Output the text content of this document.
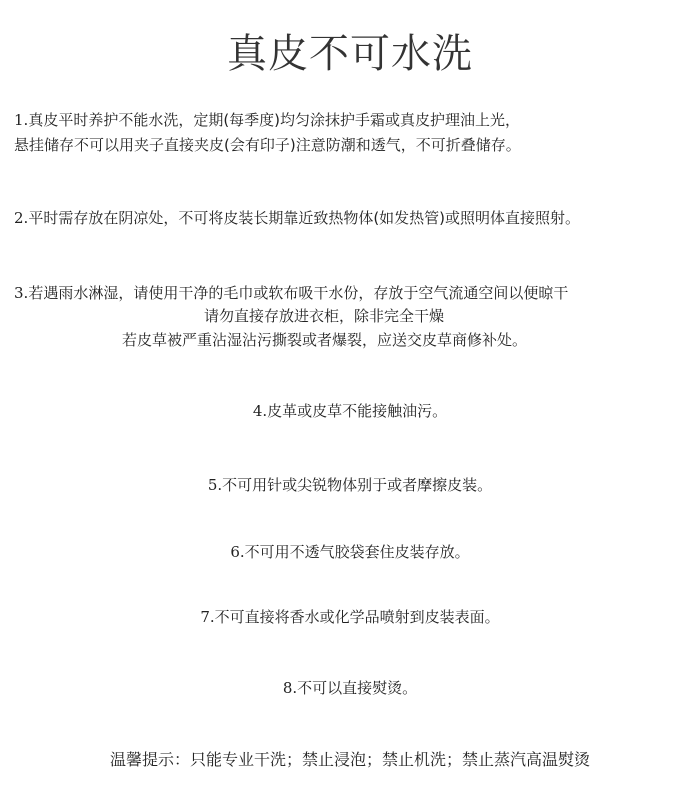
真皮不可水洗
1.真皮平时养护不能水洗，定期(每季度)均匀涂抹护手霜或真皮护理油上光，
悬挂储存不可以用夹子直接夹皮(会有印子)注意防潮和透气，不可折叠储存。
2.平时需存放在阴凉处，不可将皮装长期靠近致热物体(如发热管)或照明体直接照射。
3.若遇雨水淋湿，请使用干净的毛巾或软布吸干水份，存放于空气流通空间以便晾干
请勿直接存放进衣柜，除非完全干燥
若皮草被严重沾湿沾污撕裂或者爆裂，应送交皮草商修补处。
4.皮革或皮草不能接触油污。
5.不可用针或尖锐物体别于或者摩擦皮装。
6.不可用不透气胶袋套住皮装存放。
7.不可直接将香水或化学品喷射到皮装表面。
8.不可以直接熨烫。
温馨提示：只能专业干洗；禁止浸泡；禁止机洗；禁止蒸汽高温熨烫
